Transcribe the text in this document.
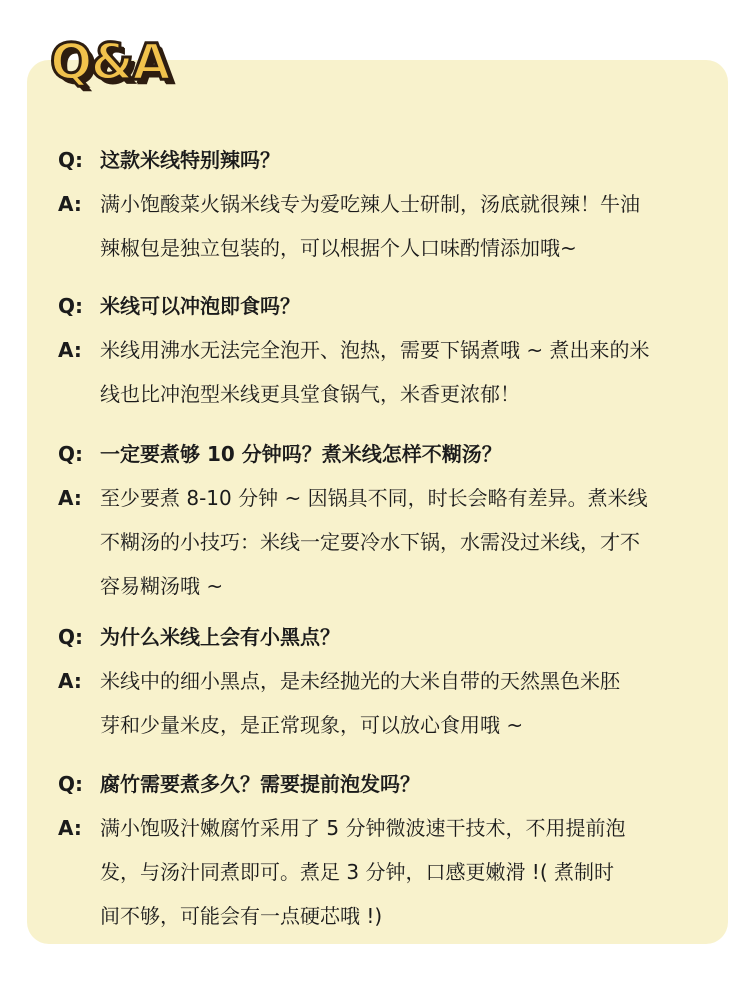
Q&A
Q: 这款米线特别辣吗？
A: 满小饱酸菜火锅米线专为爱吃辣人士研制，汤底就很辣！牛油
辣椒包是独立包装的，可以根据个人口味酌情添加哦~
Q: 米线可以冲泡即食吗？
A: 米线用沸水无法完全泡开、泡热，需要下锅煮哦 ~ 煮出来的米
线也比冲泡型米线更具堂食锅气，米香更浓郁！
Q: 一定要煮够 10 分钟吗？煮米线怎样不糊汤？
A: 至少要煮 8-10 分钟 ~ 因锅具不同，时长会略有差异。煮米线
不糊汤的小技巧：米线一定要冷水下锅，水需没过米线，才不
容易糊汤哦 ~
Q: 为什么米线上会有小黑点？
A: 米线中的细小黑点，是未经抛光的大米自带的天然黑色米胚
芽和少量米皮，是正常现象，可以放心食用哦 ~
Q: 腐竹需要煮多久？需要提前泡发吗？
A: 满小饱吸汁嫩腐竹采用了 5 分钟微波速干技术，不用提前泡
发，与汤汁同煮即可。煮足 3 分钟，口感更嫩滑 !( 煮制时
间不够，可能会有一点硬芯哦 !)
